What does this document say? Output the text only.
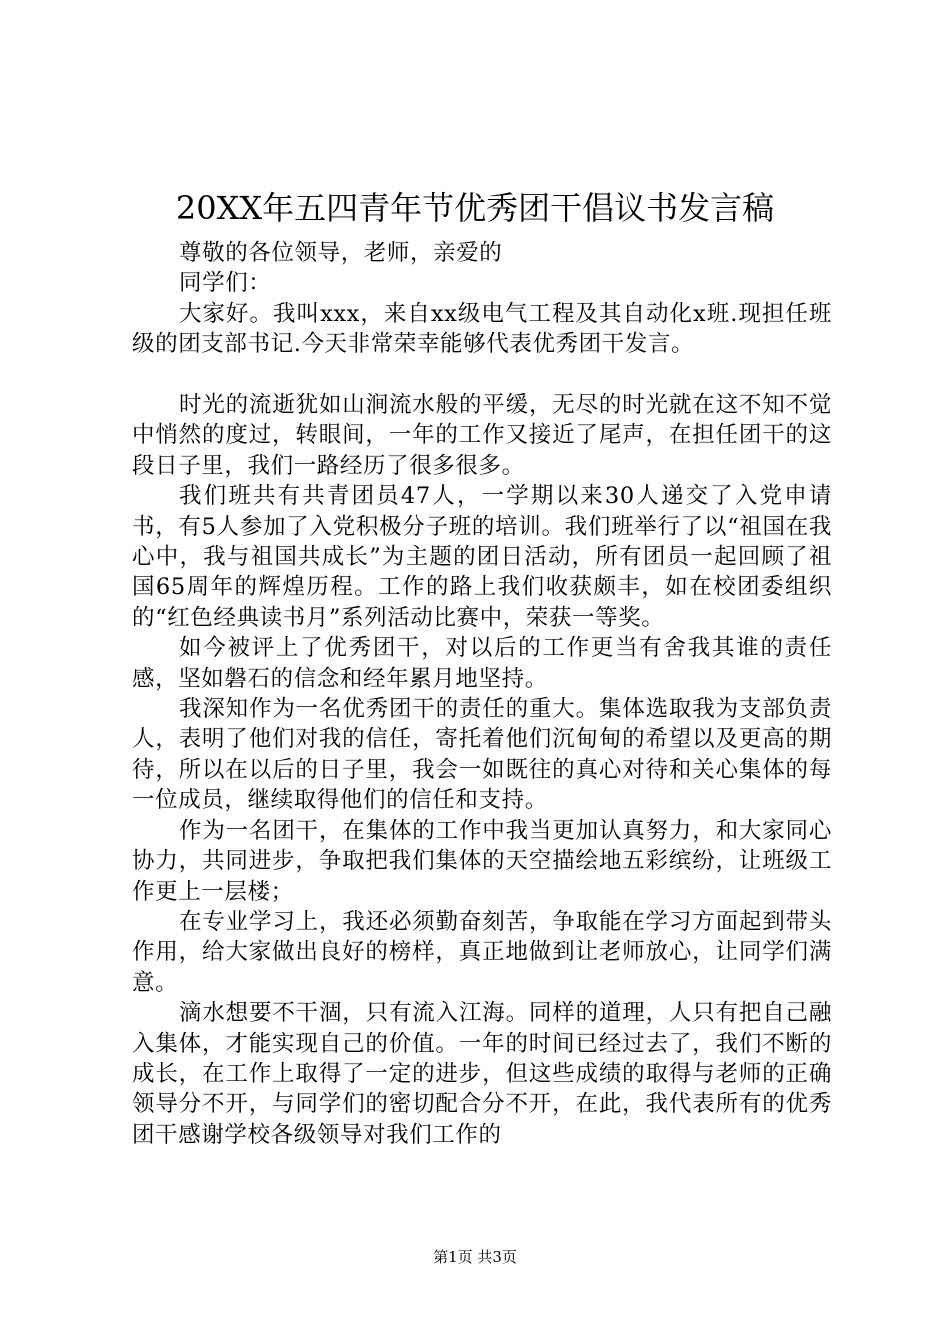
20XX年五四青年节优秀团干倡议书发言稿

尊敬的各位领导，老师，亲爱的

同学们：

大家好。我叫xxx，来自xx级电气工程及其自动化x班.现担任班级的团支部书记.今天非常荣幸能够代表优秀团干发言。

时光的流逝犹如山涧流水般的平缓，无尽的时光就在这不知不觉中悄然的度过，转眼间，一年的工作又接近了尾声，在担任团干的这段日子里，我们一路经历了很多很多。

我们班共有共青团员47人，一学期以来30人递交了入党申请书，有5人参加了入党积极分子班的培训。我们班举行了以“祖国在我心中，我与祖国共成长”为主题的团日活动，所有团员一起回顾了祖国65周年的辉煌历程。工作的路上我们收获颇丰，如在校团委组织的“红色经典读书月”系列活动比赛中，荣获一等奖。

如今被评上了优秀团干，对以后的工作更当有舍我其谁的责任感，坚如磐石的信念和经年累月地坚持。

我深知作为一名优秀团干的责任的重大。集体选取我为支部负责人，表明了他们对我的信任，寄托着他们沉甸甸的希望以及更高的期待，所以在以后的日子里，我会一如既往的真心对待和关心集体的每一位成员，继续取得他们的信任和支持。

作为一名团干，在集体的工作中我当更加认真努力，和大家同心协力，共同进步，争取把我们集体的天空描绘地五彩缤纷，让班级工作更上一层楼；

在专业学习上，我还必须勤奋刻苦，争取能在学习方面起到带头作用，给大家做出良好的榜样，真正地做到让老师放心，让同学们满意。

滴水想要不干涸，只有流入江海。同样的道理，人只有把自己融入集体，才能实现自己的价值。一年的时间已经过去了，我们不断的成长，在工作上取得了一定的进步，但这些成绩的取得与老师的正确领导分不开，与同学们的密切配合分不开，在此，我代表所有的优秀团干感谢学校各级领导对我们工作的

第1页 共3页
